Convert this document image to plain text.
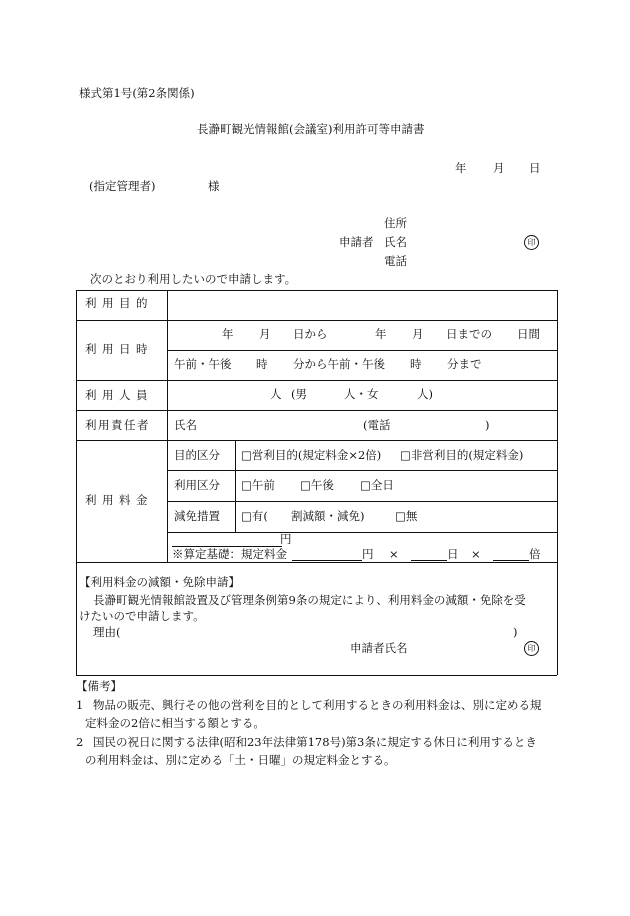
様式第1号(第2条関係)
長瀞町観光情報館(会議室)利用許可等申請書
年 月 日
(指定管理者)	様
住所
申請者 氏名	印
電話
次のとおり利用したいので申請します。
利用目的
利用日時
年 月 日から	年 月 日までの 日間
午前・午後 時 分から午前・午後 時 分まで
利用人員	人 (男	人・女	人)
利用責任者 氏名	(電話	)
利用料金
目的区分 □営利目的(規定料金×2倍) □非営利目的(規定料金)
利用区分 □午前 □午後 □全日
減免措置 □有( 割減額・減免)	□無
円
※算定基礎：規定料金	円 ×	日 ×	倍
【利用料金の減額・免除申請】
長瀞町観光情報館設置及び管理条例第9条の規定により、利用料金の減額・免除を受
けたいので申請します。
理由(	)
申請者氏名	印
【備考】
1 物品の販売、興行その他の営利を目的として利用するときの利用料金は、別に定める規
定料金の2倍に相当する額とする。
2 国民の祝日に関する法律(昭和23年法律第178号)第3条に規定する休日に利用するとき
の利用料金は、別に定める「土・日曜」の規定料金とする。
